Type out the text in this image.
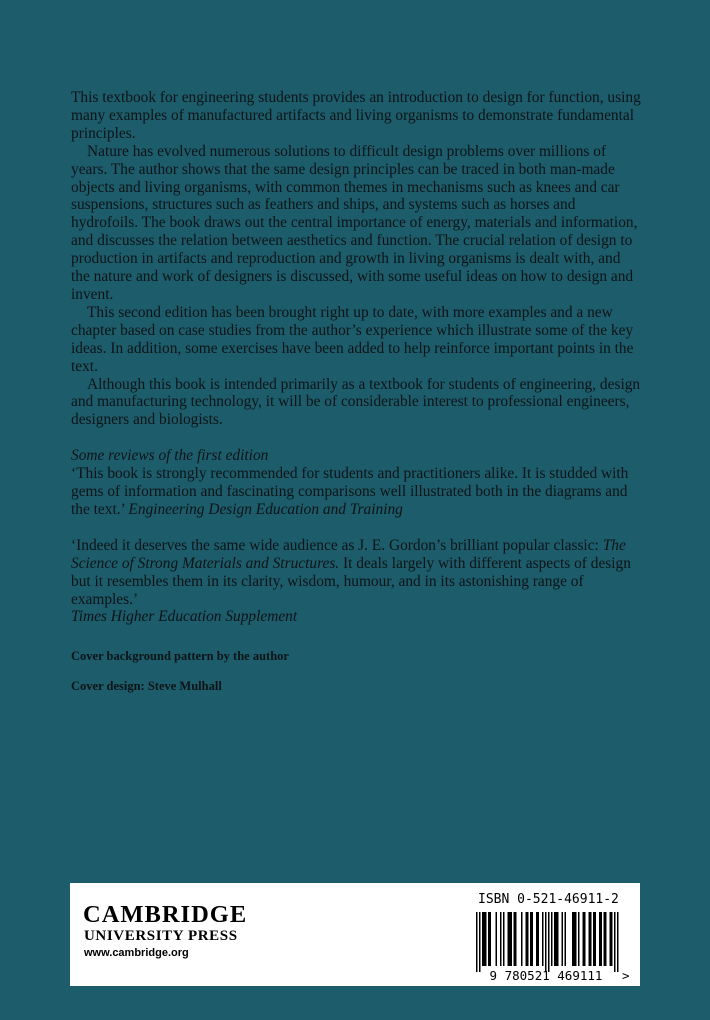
This textbook for engineering students provides an introduction to design for function, using many examples of manufactured artifacts and living organisms to demonstrate fundamental principles.

Nature has evolved numerous solutions to difficult design problems over millions of years. The author shows that the same design principles can be traced in both man-made objects and living organisms, with common themes in mechanisms such as knees and car suspensions, structures such as feathers and ships, and systems such as horses and hydrofoils. The book draws out the central importance of energy, materials and information, and discusses the relation between aesthetics and function. The crucial relation of design to production in artifacts and reproduction and growth in living organisms is dealt with, and the nature and work of designers is discussed, with some useful ideas on how to design and invent.

This second edition has been brought right up to date, with more examples and a new chapter based on case studies from the author’s experience which illustrate some of the key ideas. In addition, some exercises have been added to help reinforce important points in the text.

Although this book is intended primarily as a textbook for students of engineering, design and manufacturing technology, it will be of considerable interest to professional engineers, designers and biologists.

Some reviews of the first edition

‘This book is strongly recommended for students and practitioners alike. It is studded with gems of information and fascinating comparisons well illustrated both in the diagrams and the text.’ Engineering Design Education and Training

‘Indeed it deserves the same wide audience as J. E. Gordon’s brilliant popular classic: The Science of Strong Materials and Structures. It deals largely with different aspects of design but it resembles them in its clarity, wisdom, humour, and in its astonishing range of examples.’
Times Higher Education Supplement

Cover background pattern by the author
Cover design: Steve Mulhall
CAMBRIDGE
UNIVERSITY PRESS
www.cambridge.org
ISBN 0-521-46911-2
9 780521 469111 >
